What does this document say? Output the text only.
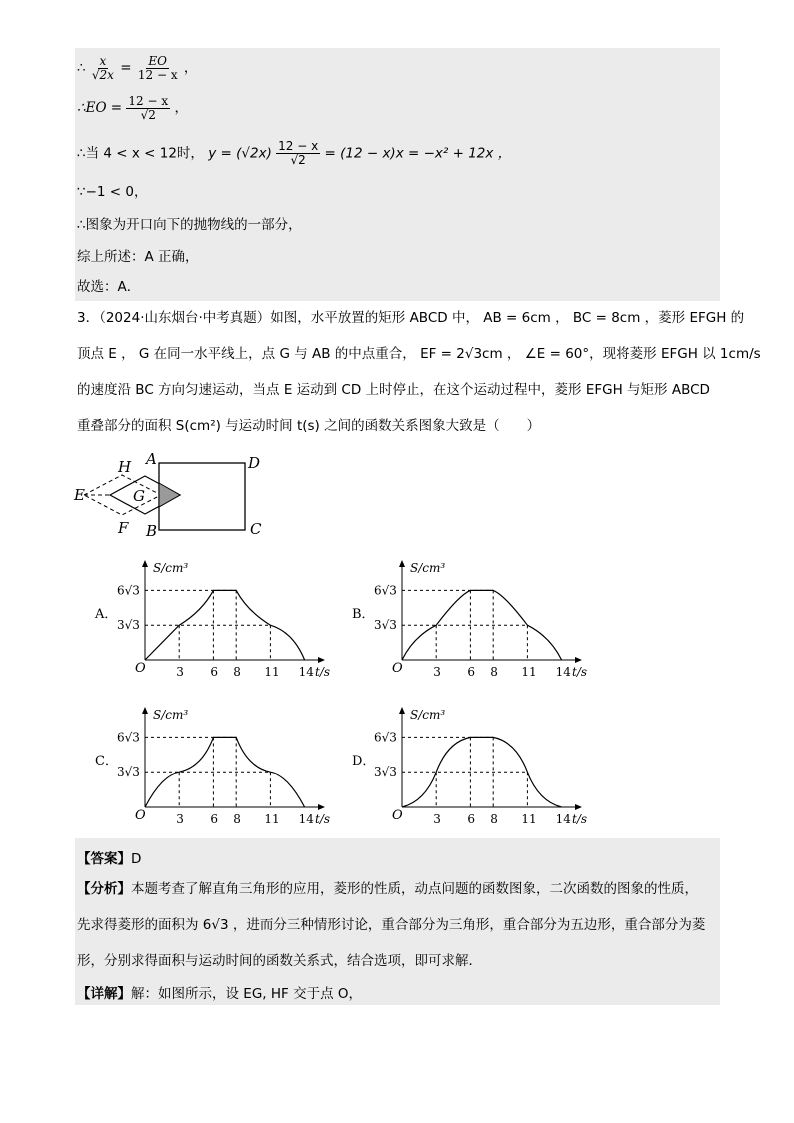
∴ $\frac{x}{√2x} = \frac{EO}{12 - x}$ ，
∴EO = $\frac{12 - x}{√2}$ ，
∴当 4 < x < 12时， $y = (√2x) \frac{12 - x}{√2} = (12 - x)x = -x^2 + 12x$ ，
∵−1 < 0，
∴图象为开口向下的抛物线的一部分，
综上所述：A 正确，
故选：A．
3．（2024·山东烟台·中考真题）如图，水平放置的矩形 ABCD 中， AB = 6cm ， BC = 8cm ，菱形 EFGH 的
顶点 E ， G 在同一水平线上，点 G 与 AB 的中点重合， EF = 2√3cm ， ∠E = 60°，现将菱形 EFGH 以 1cm/s
的速度沿 BC 方向匀速运动，当点 E 运动到 CD 上时停止，在这个运动过程中，菱形 EFGH 与矩形 ABCD
重叠部分的面积 S(cm²) 与运动时间 t(s) 之间的函数关系图象大致是（　　）
A	D
B	C
E
H
F
G
O
S/cm³
t/s
6√3
3√3
3 6 8 11 14
A．
O
S/cm³
t/s
6√3
3√3
3 6 8 11 14
B．
O
S/cm³
t/s
6√3
3√3
3 6 8 11 14
C．
O
S/cm³
t/s
6√3
3√3
3 6 8 11 14
D．
【答案】D
【分析】本题考查了解直角三角形的应用，菱形的性质，动点问题的函数图象，二次函数的图象的性质，
先求得菱形的面积为 6√3 ，进而分三种情形讨论，重合部分为三角形，重合部分为五边形，重合部分为菱
形，分别求得面积与运动时间的函数关系式，结合选项，即可求解．
【详解】解：如图所示，设 EG, HF 交于点 O，
